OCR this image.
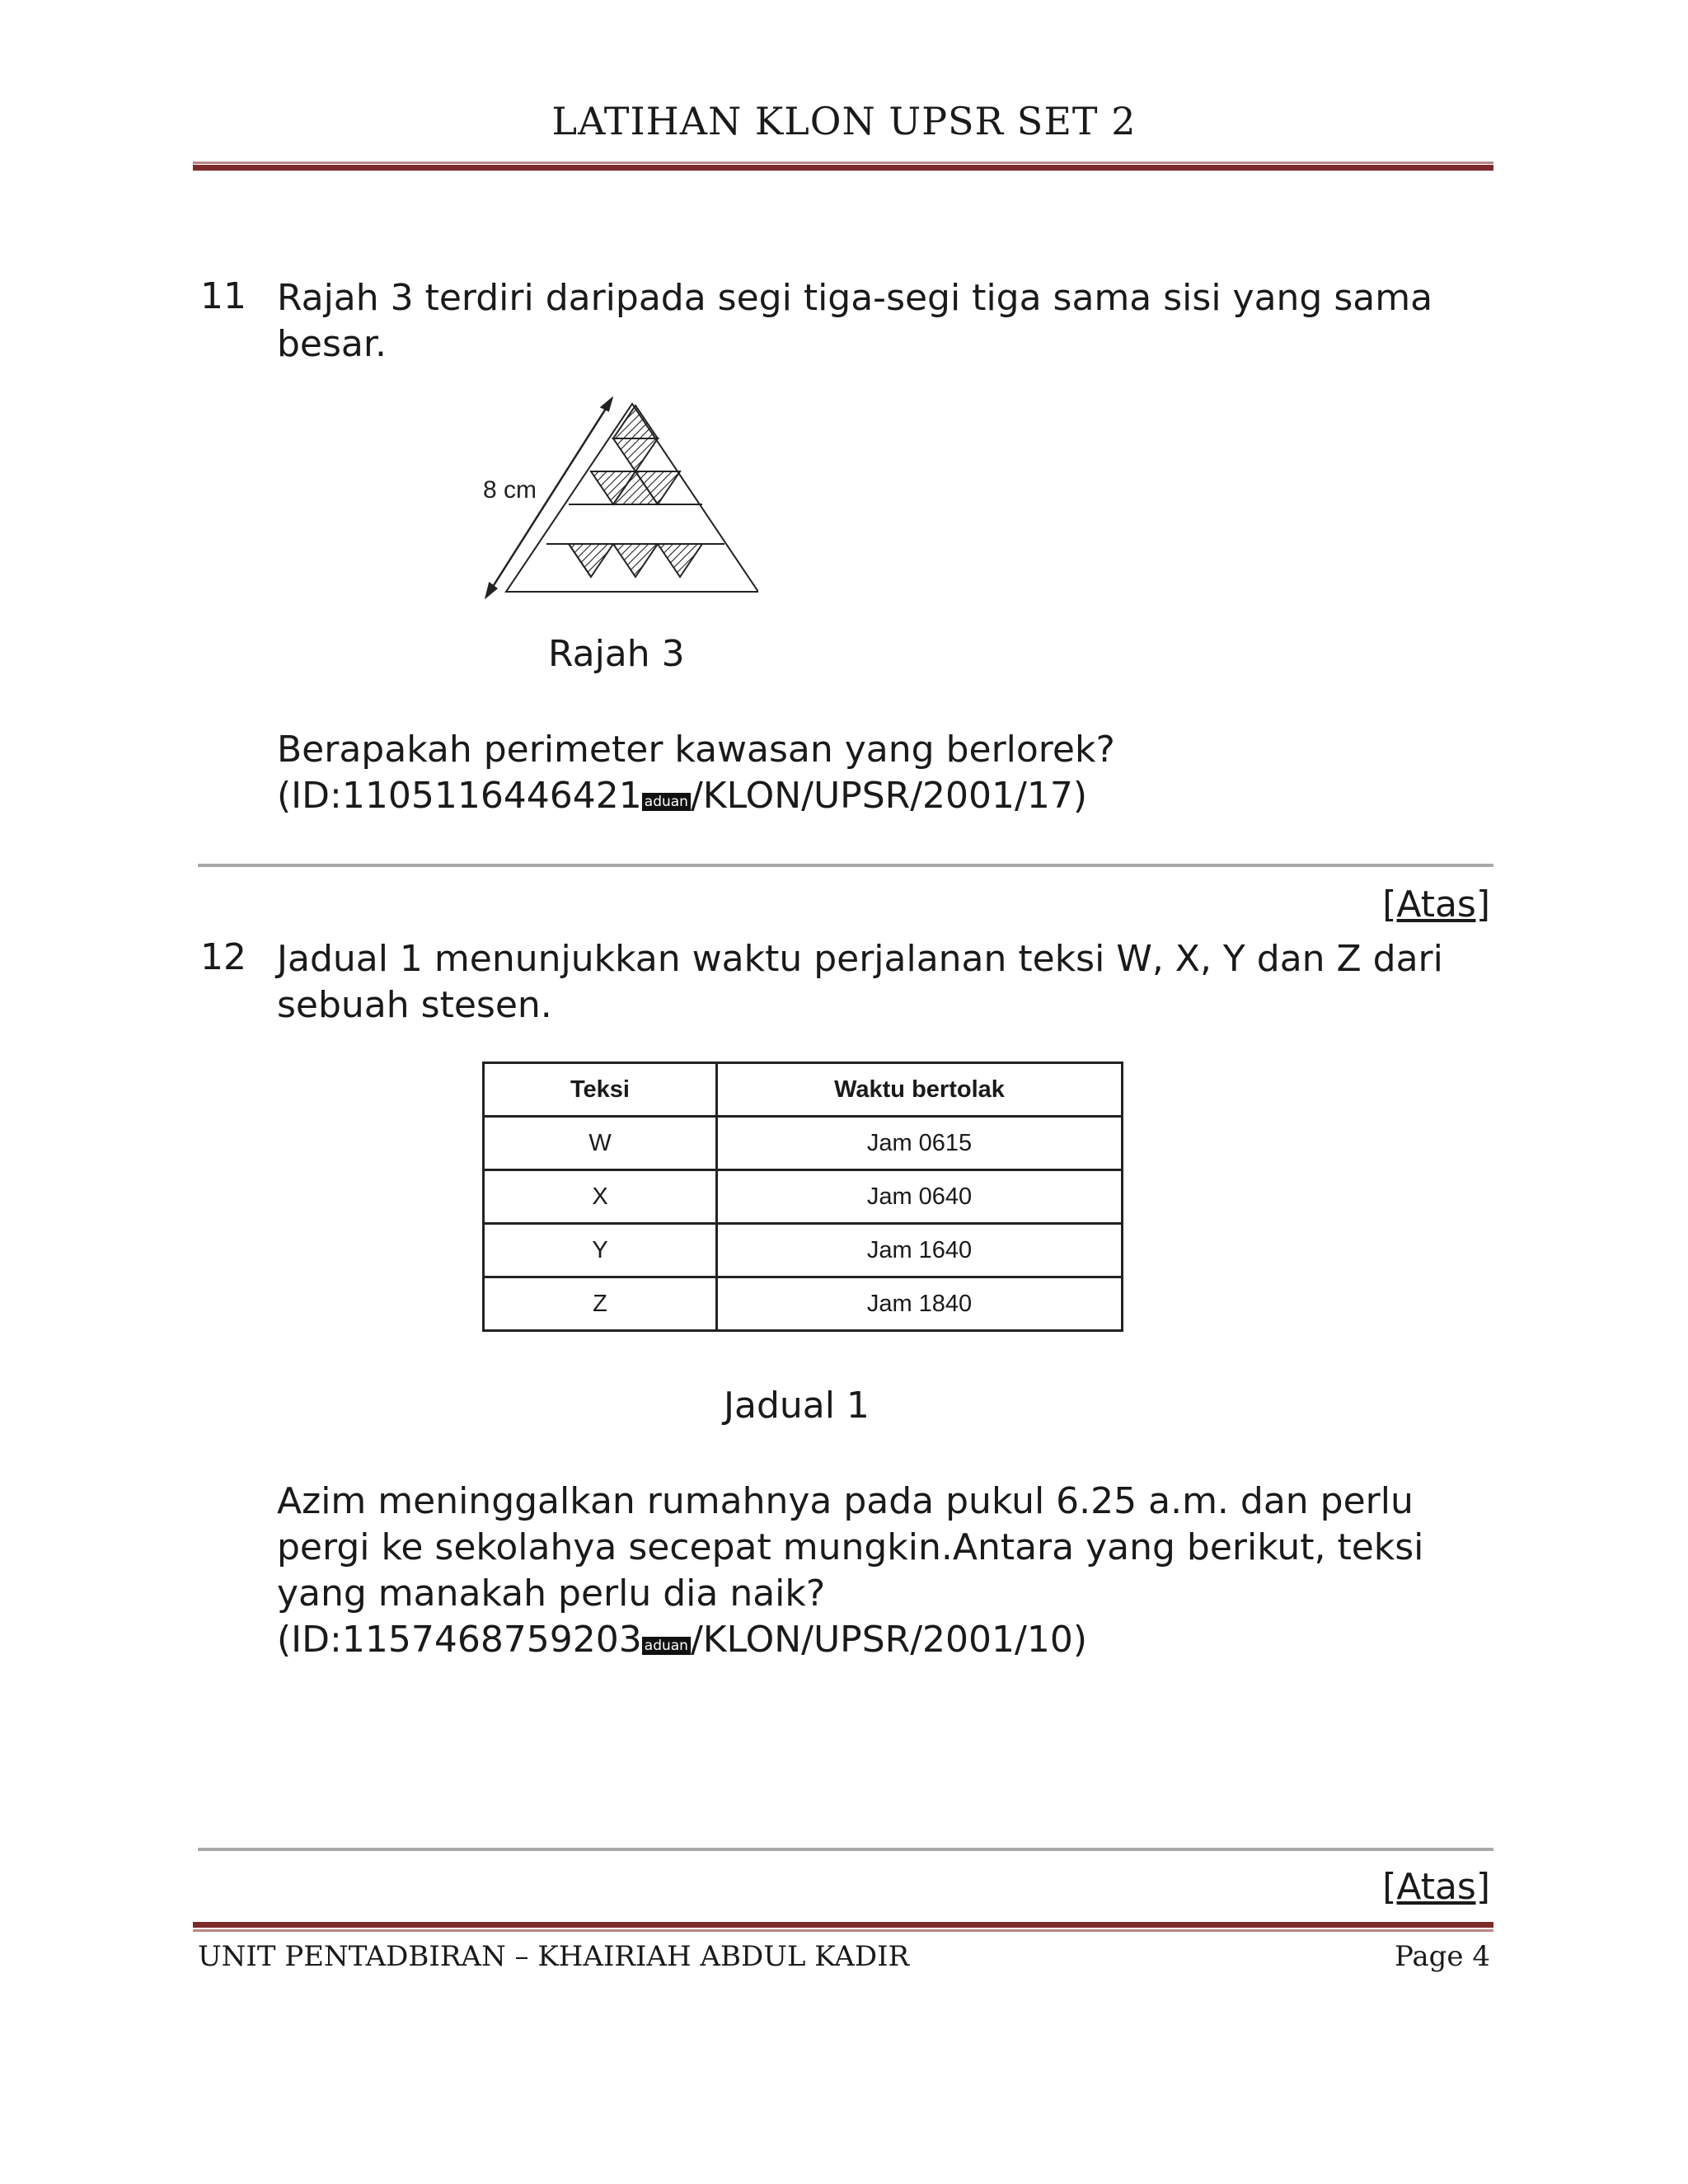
LATIHAN KLON UPSR SET 2
11 Rajah 3 terdiri daripada segi tiga-segi tiga sama sisi yang sama

besar.

8 cm
Rajah 3

Berapakah perimeter kawasan yang berlorek?

(ID:1105116446421 aduan/KLON/UPSR/2001/17)

[Atas]
12 Jadual 1 menunjukkan waktu perjalanan teksi W, X, Y dan Z dari

sebuah stesen.

Teksi	Waktu bertolak
W	Jam 0615
X	Jam 0640
Y	Jam 1640
Z	Jam 1840
Jadual 1

Azim meninggalkan rumahnya pada pukul 6.25 a.m. dan perlu

pergi ke sekolahya secepat mungkin.Antara yang berikut, teksi

yang manakah perlu dia naik?

(ID:1157468759203 aduan/KLON/UPSR/2001/10)

[Atas]
UNIT PENTADBIRAN – KHAIRIAH ABDUL KADIR	Page 4
